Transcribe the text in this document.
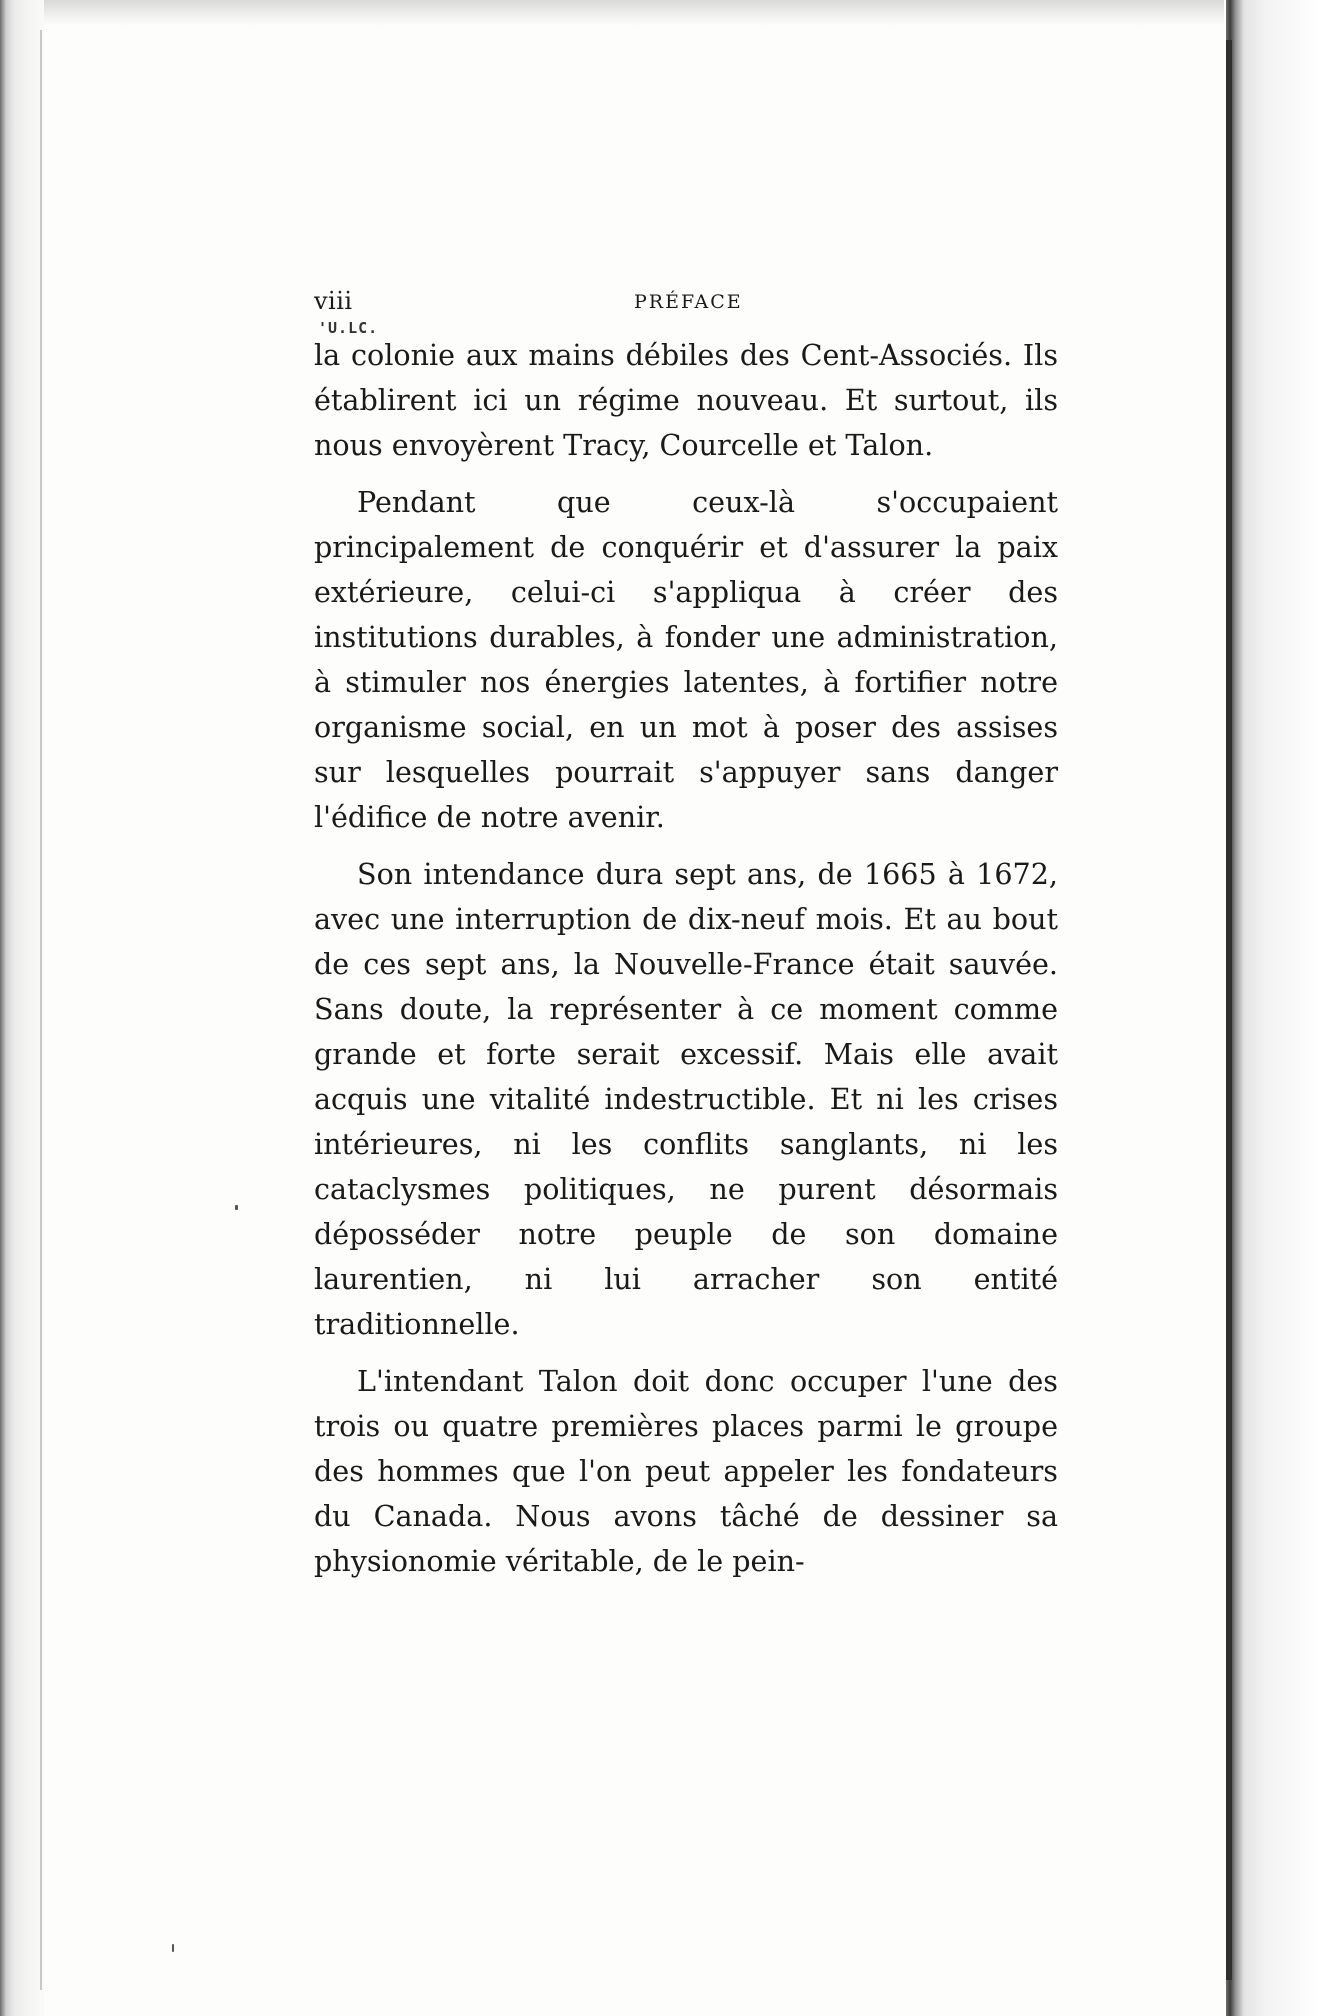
viii	PRÉFACE
'U.LC.

la colonie aux mains débiles des Cent-Associés. Ils établirent ici un régime nouveau. Et surtout, ils nous envoyèrent Tracy, Courcelle et Talon.

Pendant que ceux-là s'occupaient principalement de conquérir et d'assurer la paix extérieure, celui-ci s'appliqua à créer des institutions durables, à fonder une administration, à stimuler nos énergies latentes, à fortifier notre organisme social, en un mot à poser des assises sur lesquelles pourrait s'appuyer sans danger l'édifice de notre avenir.

Son intendance dura sept ans, de 1665 à 1672, avec une interruption de dix-neuf mois. Et au bout de ces sept ans, la Nouvelle-France était sauvée. Sans doute, la représenter à ce moment comme grande et forte serait excessif. Mais elle avait acquis une vitalité indestructible. Et ni les crises intérieures, ni les conflits sanglants, ni les cataclysmes politiques, ne purent désormais déposséder notre peuple de son domaine laurentien, ni lui arracher son entité traditionnelle.

L'intendant Talon doit donc occuper l'une des trois ou quatre premières places parmi le groupe des hommes que l'on peut appeler les fondateurs du Canada. Nous avons tâché de dessiner sa physionomie véritable, de le pein-
